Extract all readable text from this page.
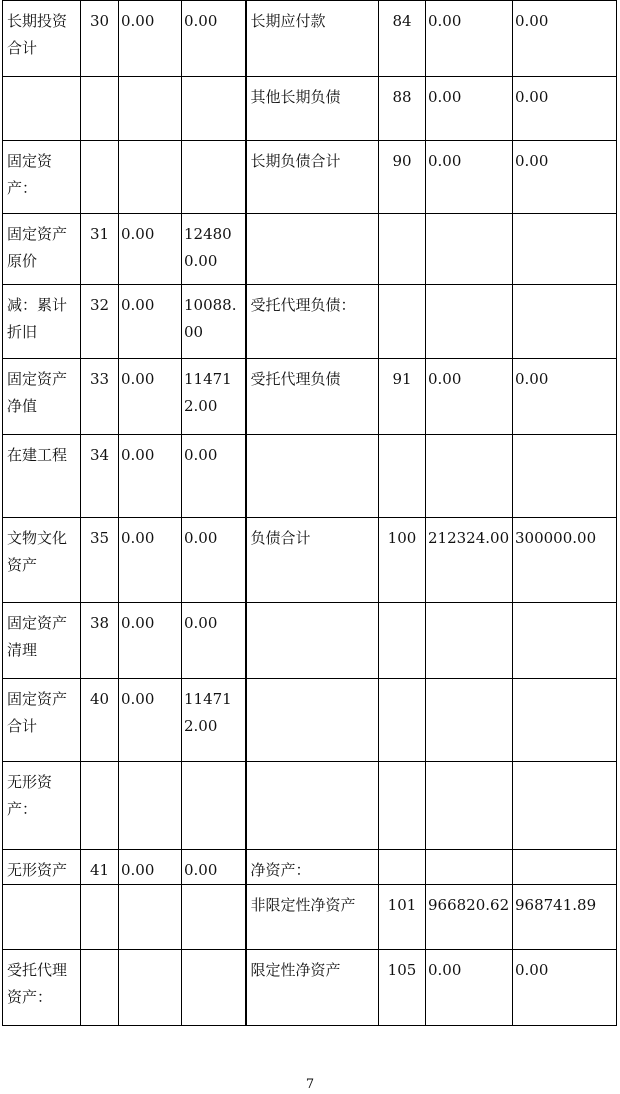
长期投资合计	30	0.00	0.00	长期应付款	84	0.00	0.00
				其他长期负债	88	0.00	0.00
固定资产：				长期负债合计	90	0.00	0.00
固定资产原价	31	0.00	124800.00				
减：累计折旧	32	0.00	10088.00	受托代理负债：			
固定资产净值	33	0.00	114712.00	受托代理负债	91	0.00	0.00
在建工程	34	0.00	0.00				
文物文化资产	35	0.00	0.00	负债合计	100	212324.00	300000.00
固定资产清理	38	0.00	0.00				
固定资产合计	40	0.00	114712.00				
无形资产：							
无形资产	41	0.00	0.00	净资产：			
				非限定性净资产	101	966820.62	968741.89
受托代理资产：				限定性净资产	105	0.00	0.00
7
